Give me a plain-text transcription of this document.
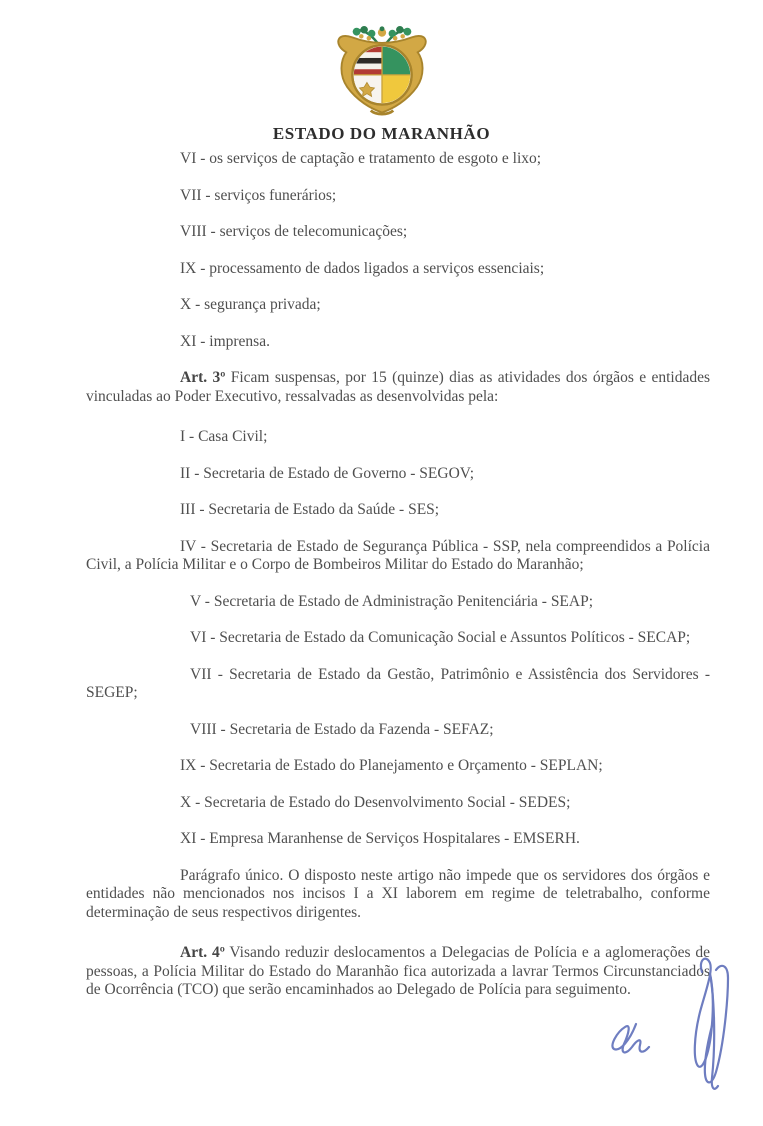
ESTADO DO MARANHÃO

VI - os serviços de captação e tratamento de esgoto e lixo;

VII - serviços funerários;

VIII - serviços de telecomunicações;

IX - processamento de dados ligados a serviços essenciais;

X - segurança privada;

XI - imprensa.

Art. 3º Ficam suspensas, por 15 (quinze) dias as atividades dos órgãos e entidades vinculadas ao Poder Executivo, ressalvadas as desenvolvidas pela:

I - Casa Civil;

II - Secretaria de Estado de Governo - SEGOV;

III - Secretaria de Estado da Saúde - SES;

IV - Secretaria de Estado de Segurança Pública - SSP, nela compreendidos a Polícia Civil, a Polícia Militar e o Corpo de Bombeiros Militar do Estado do Maranhão;

V - Secretaria de Estado de Administração Penitenciária - SEAP;

VI - Secretaria de Estado da Comunicação Social e Assuntos Políticos - SECAP;

VII - Secretaria de Estado da Gestão, Patrimônio e Assistência dos Servidores - SEGEP;

VIII - Secretaria de Estado da Fazenda - SEFAZ;

IX - Secretaria de Estado do Planejamento e Orçamento - SEPLAN;

X - Secretaria de Estado do Desenvolvimento Social - SEDES;

XI - Empresa Maranhense de Serviços Hospitalares - EMSERH.

Parágrafo único. O disposto neste artigo não impede que os servidores dos órgãos e entidades não mencionados nos incisos I a XI laborem em regime de teletrabalho, conforme determinação de seus respectivos dirigentes.

Art. 4º Visando reduzir deslocamentos a Delegacias de Polícia e a aglomerações de pessoas, a Polícia Militar do Estado do Maranhão fica autorizada a lavrar Termos Circunstanciados de Ocorrência (TCO) que serão encaminhados ao Delegado de Polícia para seguimento.
